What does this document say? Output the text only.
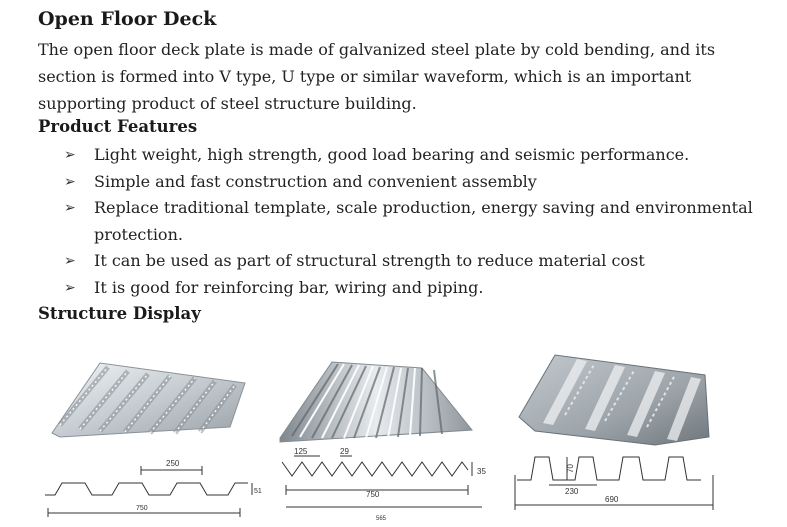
Open Floor Deck

The open floor deck plate is made of galvanized steel plate by cold bending, and its section is formed into V type, U type or similar waveform, which is an important supporting product of steel structure building.

Product Features
➢ Light weight, high strength, good load bearing and seismic performance.
➢ Simple and fast construction and convenient assembly
➢ Replace traditional template, scale production, energy saving and environmental protection.
➢ It can be used as part of structural strength to reduce material cost
➢ It is good for reinforcing bar, wiring and piping.
Structure Display
250
750
51
125	29
750
35
565
70
230
690
